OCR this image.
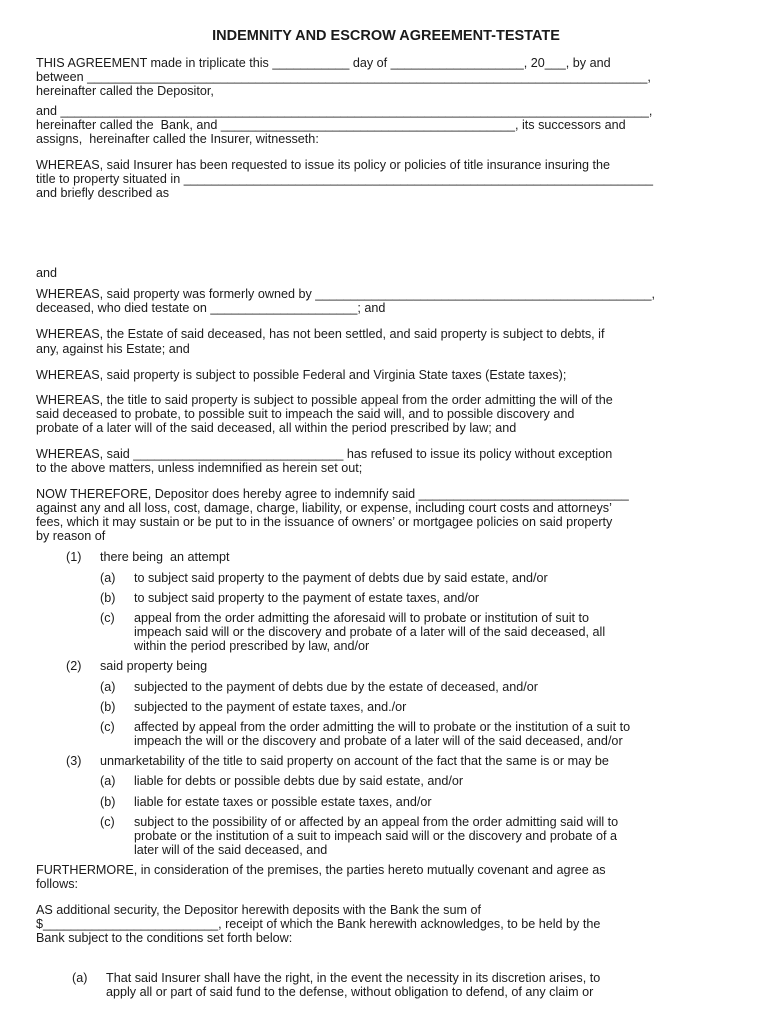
INDEMNITY AND ESCROW AGREEMENT-TESTATE
THIS AGREEMENT made in triplicate this ___________ day of ___________________, 20___, by and
between ________________________________________________________________________________,
hereinafter called the Depositor,
and ____________________________________________________________________________________,
hereinafter called the  Bank, and __________________________________________, its successors and
assigns,  hereinafter called the Insurer, witnesseth:
WHEREAS, said Insurer has been requested to issue its policy or policies of title insurance insuring the
title to property situated in ___________________________________________________________________
and briefly described as
and
WHEREAS, said property was formerly owned by ________________________________________________,
deceased, who died testate on _____________________; and
WHEREAS, the Estate of said deceased, has not been settled, and said property is subject to debts, if
any, against his Estate; and
WHEREAS, said property is subject to possible Federal and Virginia State taxes (Estate taxes);
WHEREAS, the title to said property is subject to possible appeal from the order admitting the will of the
said deceased to probate, to possible suit to impeach the said will, and to possible discovery and
probate of a later will of the said deceased, all within the period prescribed by law; and
WHEREAS, said ______________________________ has refused to issue its policy without exception
to the above matters, unless indemnified as herein set out;
NOW THEREFORE, Depositor does hereby agree to indemnify said ______________________________
against any and all loss, cost, damage, charge, liability, or expense, including court costs and attorneys’
fees, which it may sustain or be put to in the issuance of owners’ or mortgagee policies on said property
by reason of
(1) there being  an attempt
(a) to subject said property to the payment of debts due by said estate, and/or
(b) to subject said property to the payment of estate taxes, and/or
(c) appeal from the order admitting the aforesaid will to probate or institution of suit to
impeach said will or the discovery and probate of a later will of the said deceased, all
within the period prescribed by law, and/or
(2) said property being
(a) subjected to the payment of debts due by the estate of deceased, and/or
(b) subjected to the payment of estate taxes, and./or
(c) affected by appeal from the order admitting the will to probate or the institution of a suit to
impeach the will or the discovery and probate of a later will of the said deceased, and/or
(3) unmarketability of the title to said property on account of the fact that the same is or may be
(a) liable for debts or possible debts due by said estate, and/or
(b) liable for estate taxes or possible estate taxes, and/or
(c) subject to the possibility of or affected by an appeal from the order admitting said will to
probate or the institution of a suit to impeach said will or the discovery and probate of a
later will of the said deceased, and
FURTHERMORE, in consideration of the premises, the parties hereto mutually covenant and agree as
follows:
AS additional security, the Depositor herewith deposits with the Bank the sum of
$_________________________, receipt of which the Bank herewith acknowledges, to be held by the
Bank subject to the conditions set forth below:
(a) That said Insurer shall have the right, in the event the necessity in its discretion arises, to
apply all or part of said fund to the defense, without obligation to defend, of any claim or
